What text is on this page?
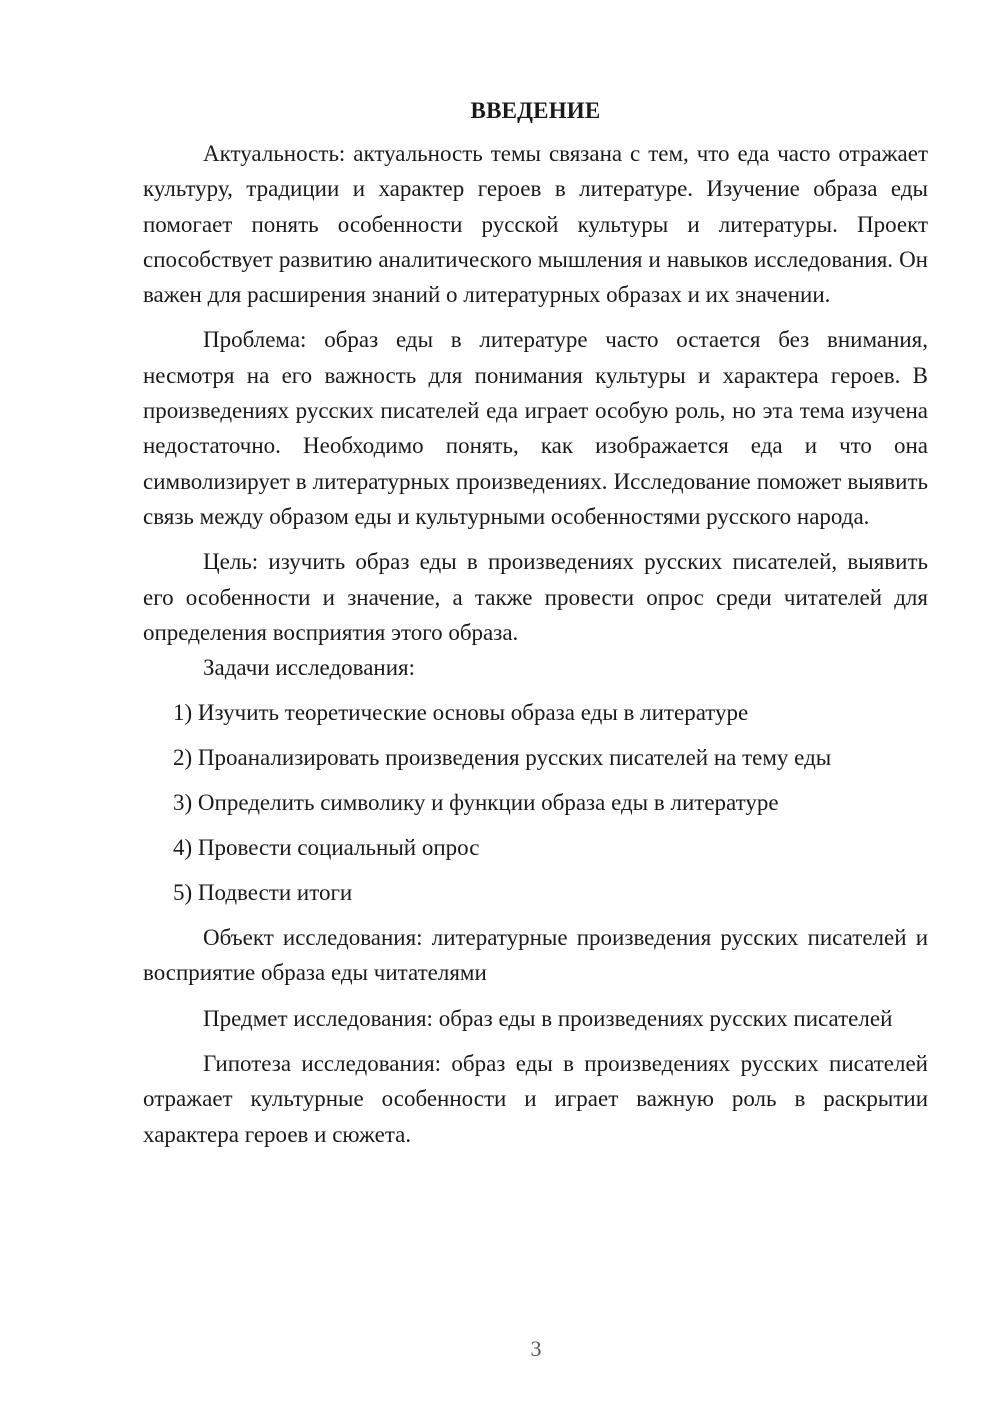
ВВЕДЕНИЕ

Актуальность: актуальность темы связана с тем, что еда часто отражает культуру, традиции и характер героев в литературе. Изучение образа еды помогает понять особенности русской культуры и литературы. Проект способствует развитию аналитического мышления и навыков исследования. Он важен для расширения знаний о литературных образах и их значении.

Проблема: образ еды в литературе часто остается без внимания, несмотря на его важность для понимания культуры и характера героев. В произведениях русских писателей еда играет особую роль, но эта тема изучена недостаточно. Необходимо понять, как изображается еда и что она символизирует в литературных произведениях. Исследование поможет выявить связь между образом еды и культурными особенностями русского народа.

Цель: изучить образ еды в произведениях русских писателей, выявить его особенности и значение, а также провести опрос среди читателей для определения восприятия этого образа.

Задачи исследования:

1) Изучить теоретические основы образа еды в литературе
2) Проанализировать произведения русских писателей на тему еды
3) Определить символику и функции образа еды в литературе
4) Провести социальный опрос
5) Подвести итоги

Объект исследования: литературные произведения русских писателей и восприятие образа еды читателями

Предмет исследования: образ еды в произведениях русских писателей

Гипотеза исследования: образ еды в произведениях русских писателей отражает культурные особенности и играет важную роль в раскрытии характера героев и сюжета.

3
